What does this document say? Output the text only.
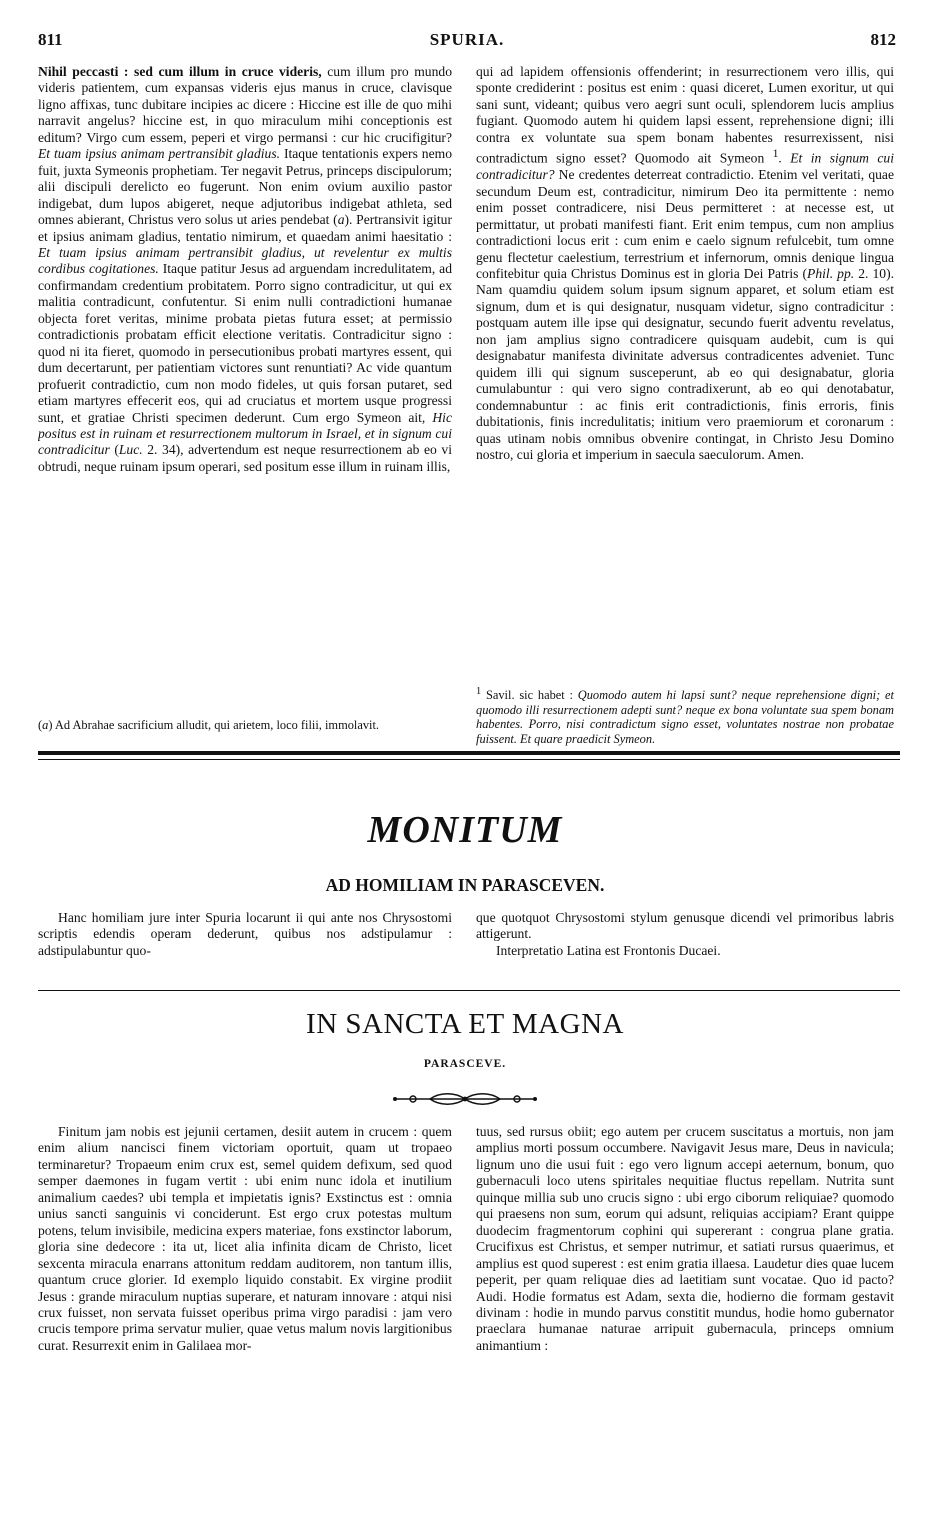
811	SPURIA.	812

Nihil peccasti : sed cum illum in cruce videris, cum illum pro mundo videris patientem, cum expansas videris ejus manus in cruce, clavisque ligno affixas, tunc dubitare incipies ac dicere : Hiccine est ille de quo mihi narravit angelus? hiccine est, in quo miraculum mihi conceptionis est editum? Virgo cum essem, peperi et virgo permansi : cur hic crucifigitur? Et tuam ipsius animam pertransibit gladius. Itaque tentationis expers nemo fuit, juxta Symeonis prophetiam. Ter negavit Petrus, princeps discipulorum; alii discipuli derelicto eo fugerunt. Non enim ovium auxilio pastor indigebat, dum lupos abigeret, neque adjutoribus indigebat athleta, sed omnes abierant, Christus vero solus ut aries pendebat (a). Pertransivit igitur et ipsius animam gladius, tentatio nimirum, et quaedam animi haesitatio : Et tuam ipsius animam pertransibit gladius, ut revelentur ex multis cordibus cogitationes. Itaque patitur Jesus ad arguendam incredulitatem, ad confirmandam credentium probitatem. Porro signo contradicitur, ut qui ex malitia contradicunt, confutentur. Si enim nulli contradictioni humanae objecta foret veritas, minime probata pietas futura esset; at permissio contradictionis probatam efficit electione veritatis. Contradicitur signo : quod ni ita fieret, quomodo in persecutionibus probati martyres essent, qui dum decertarunt, per patientiam victores sunt renuntiati? Ac vide quantum profuerit contradictio, cum non modo fideles, ut quis forsan putaret, sed etiam martyres effecerit eos, qui ad cruciatus et mortem usque progressi sunt, et gratiae Christi specimen dederunt. Cum ergo Symeon ait, Hic positus est in ruinam et resurrectionem multorum in Israel, et in signum cui contradicitur (Luc. 2. 34), advertendum est neque resurrectionem ab eo vi obtrudi, neque ruinam ipsum operari, sed positum esse illum in ruinam illis,

(a) Ad Abrahae sacrificium alludit, qui arietem, loco filii, immolavit.

qui ad lapidem offensionis offenderint; in resurrectionem vero illis, qui sponte crediderint : positus est enim : quasi diceret, Lumen exoritur, ut qui sani sunt, videant; quibus vero aegri sunt oculi, splendorem lucis amplius fugiant. Quomodo autem hi quidem lapsi essent, reprehensione digni; illi contra ex voluntate sua spem bonam habentes resurrexissent, nisi contradictum signo esset? Quomodo ait Symeon $^1$. Et in signum cui contradicitur? Ne credentes deterreat contradictio. Etenim vel veritati, quae secundum Deum est, contradicitur, nimirum Deo ita permittente : nemo enim posset contradicere, nisi Deus permitteret : at necesse est, ut permittatur, ut probati manifesti fiant. Erit enim tempus, cum non amplius contradictioni locus erit : cum enim e caelo signum refulcebit, tum omne genu flectetur caelestium, terrestrium et infernorum, omnis denique lingua confitebitur quia Christus Dominus est in gloria Dei Patris (Phil. pp. 2. 10). Nam quamdiu quidem solum ipsum signum apparet, et solum etiam est signum, dum et is qui designatur, nusquam videtur, signo contradicitur : postquam autem ille ipse qui designatur, secundo fuerit adventu revelatus, non jam amplius signo contradicere quisquam audebit, cum is qui designabatur manifesta divinitate adversus contradicentes adveniet. Tunc quidem illi qui signum susceperunt, ab eo qui designabatur, gloria cumulabuntur : qui vero signo contradixerunt, ab eo qui denotabatur, condemnabuntur : ac finis erit contradictionis, finis erroris, finis dubitationis, finis incredulitatis; initium vero praemiorum et coronarum : quas utinam nobis omnibus obvenire contingat, in Christo Jesu Domino nostro, cui gloria et imperium in saecula saeculorum. Amen.

$^1$ Savil. sic habet : Quomodo autem hi lapsi sunt? neque reprehensione digni; et quomodo illi resurrectionem adepti sunt? neque ex bona voluntate sua spem bonam habentes. Porro, nisi contradictum signo esset, voluntates nostrae non probatae fuissent. Et quare praedicit Symeon.
MONITUM
AD HOMILIAM IN PARASCEVEN.

Hanc homiliam jure inter Spuria locarunt ii qui ante nos Chrysostomi scriptis edendis operam dederunt, quibus nos adstipulamur : adstipulabuntur quo-

que quotquot Chrysostomi stylum genusque dicendi vel primoribus labris attigerunt.

Interpretatio Latina est Frontonis Ducaei.

IN SANCTA ET MAGNA
PARASCEVE.

Finitum jam nobis est jejunii certamen, desiit autem in crucem : quem enim alium nancisci finem victoriam oportuit, quam ut tropaeo terminaretur? Tropaeum enim crux est, semel quidem defixum, sed quod semper daemones in fugam vertit : ubi enim nunc idola et inutilium animalium caedes? ubi templa et impietatis ignis? Exstinctus est : omnia unius sancti sanguinis vi conciderunt. Est ergo crux potestas multum potens, telum invisibile, medicina expers materiae, fons exstinctor laborum, gloria sine dedecore : ita ut, licet alia infinita dicam de Christo, licet sexcenta miracula enarrans attonitum reddam auditorem, non tantum illis, quantum cruce glorier. Id exemplo liquido constabit. Ex virgine prodiit Jesus : grande miraculum nuptias superare, et naturam innovare : atqui nisi crux fuisset, non servata fuisset operibus prima virgo paradisi : jam vero crucis tempore prima servatur mulier, quae vetus malum novis largitionibus curat. Resurrexit enim in Galilaea mor-

tuus, sed rursus obiit; ego autem per crucem suscitatus a mortuis, non jam amplius morti possum occumbere. Navigavit Jesus mare, Deus in navicula; lignum uno die usui fuit : ego vero lignum accepi aeternum, bonum, quo gubernaculi loco utens spiritales nequitiae fluctus repellam. Nutrita sunt quinque millia sub uno crucis signo : ubi ergo ciborum reliquiae? quomodo qui praesens non sum, eorum qui adsunt, reliquias accipiam? Erant quippe duodecim fragmentorum cophini qui supererant : congrua plane gratia. Crucifixus est Christus, et semper nutrimur, et satiati rursus quaerimus, et amplius est quod superest : est enim gratia illaesa. Laudetur dies quae lucem peperit, per quam reliquae dies ad laetitiam sunt vocatae. Quo id pacto? Audi. Hodie formatus est Adam, sexta die, hodierno die formam gestavit divinam : hodie in mundo parvus constitit mundus, hodie homo gubernator praeclara humanae naturae arripuit gubernacula, princeps omnium animantium :
